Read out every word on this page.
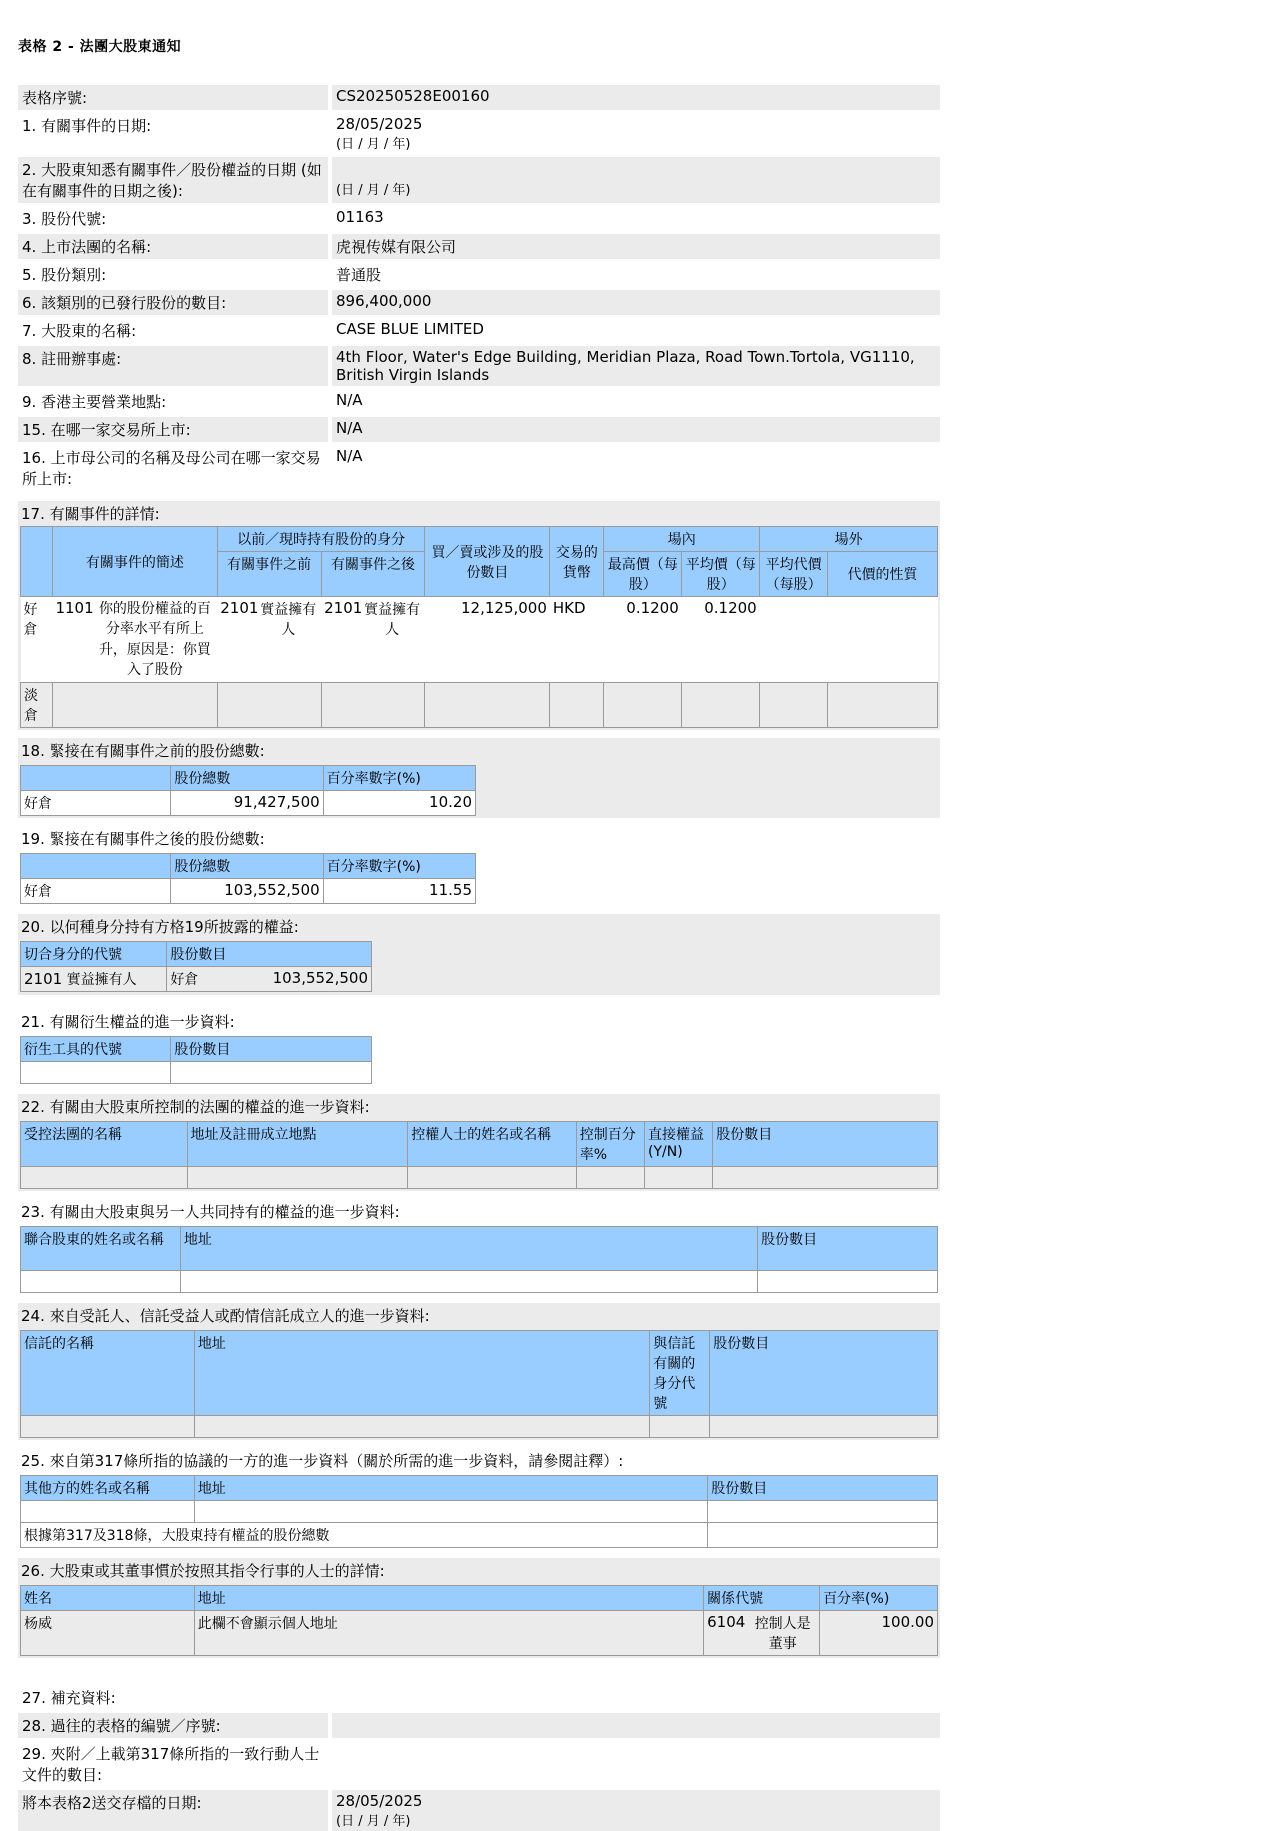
表格 2 - 法團大股東通知
表格序號:	CS20250528E00160
1. 有關事件的日期:	28/05/2025
(日 / 月 / 年)
2. 大股東知悉有關事件／股份權益的日期 (如在有關事件的日期之後):	(日 / 月 / 年)
3. 股份代號:	01163
4. 上市法團的名稱:	虎視传媒有限公司
5. 股份類別:	普通股
6. 該類別的已發行股份的數目:	896,400,000
7. 大股東的名稱:	CASE BLUE LIMITED
8. 註冊辦事處:	4th Floor, Water's Edge Building, Meridian Plaza, Road Town.Tortola, VG1110, British Virgin Islands
9. 香港主要營業地點:	N/A
15. 在哪一家交易所上市:	N/A
16. 上市母公司的名稱及母公司在哪一家交易所上市:
N/A
17. 有關事件的詳情:
	有關事件的簡述	以前／現時持有股份的身分		買／賣或涉及的股份數目	交易的貨幣	場內		場外	
		有關事件之前	有關事件之後			最高價（每股）	平均價（每股）	平均代價（每股）	代價的性質
好倉	1101 你的股份權益的百分率水平有所上升，原因是：你買入了股份	2101 實益擁有人	2101 實益擁有人	12,125,000	HKD	0.1200	0.1200		
淡倉									
18. 緊接在有關事件之前的股份總數:
	股份總數	百分率數字(%)
好倉	91,427,500	10.20
19. 緊接在有關事件之後的股份總數:
	股份總數	百分率數字(%)
好倉	103,552,500	11.55
20. 以何種身分持有方格19所披露的權益:
切合身分的代號	股份數目
2101 實益擁有人	好倉 103,552,500
21. 有關衍生權益的進一步資料:
衍生工具的代號	股份數目

22. 有關由大股東所控制的法團的權益的進一步資料:
受控法團的名稱	地址及註冊成立地點	控權人士的姓名或名稱	控制百分率%	直接權益 (Y/N)	股份數目

23. 有關由大股東與另一人共同持有的權益的進一步資料:
聯合股東的姓名或名稱	地址	股份數目

24. 來自受託人、信託受益人或酌情信託成立人的進一步資料:
信託的名稱	地址	與信託有關的身分代號	股份數目

25. 來自第317條所指的協議的一方的進一步資料（關於所需的進一步資料，請參閱註釋）:
其他方的姓名或名稱	地址	股份數目

根據第317及318條，大股東持有權益的股份總數		
26. 大股東或其董事慣於按照其指令行事的人士的詳情:
姓名	地址	關係代號	百分率(%)
杨威	此欄不會顯示個人地址	6104 控制人是董事	100.00
27. 補充資料:
28. 過往的表格的編號／序號:
29. 夾附／上載第317條所指的一致行動人士文件的數目:
將本表格2送交存檔的日期:	28/05/2025
(日 / 月 / 年)
